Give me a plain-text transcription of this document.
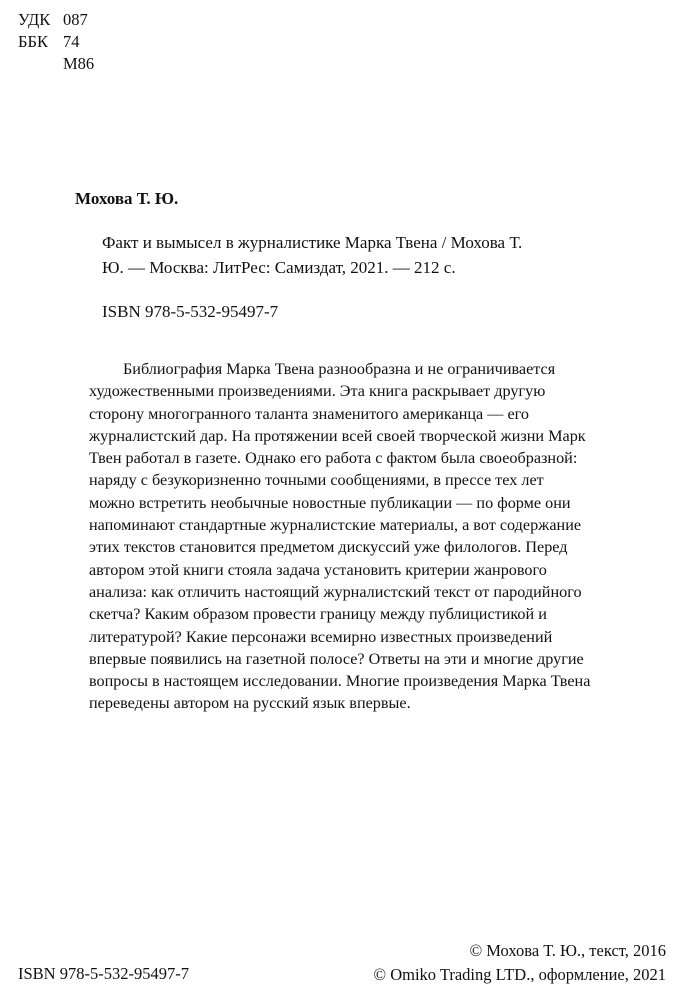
УДК 087
ББК 74
М86
Мохова Т. Ю.
Факт и вымысел в журналистике Марка Твена / Мохова Т.
Ю. — Москва: ЛитРес: Самиздат, 2021. — 212 с.
ISBN 978-5-532-95497-7
Библиография Марка Твена разнообразна и не ограничивается
художественными произведениями. Эта книга раскрывает другую
сторону многогранного таланта знаменитого американца — его
журналистский дар. На протяжении всей своей творческой жизни Марк
Твен работал в газете. Однако его работа с фактом была своеобразной:
наряду с безукоризненно точными сообщениями, в прессе тех лет
можно встретить необычные новостные публикации — по форме они
напоминают стандартные журналистские материалы, а вот содержание
этих текстов становится предметом дискуссий уже филологов. Перед
автором этой книги стояла задача установить критерии жанрового
анализа: как отличить настоящий журналистский текст от пародийного
скетча? Каким образом провести границу между публицистикой и
литературой? Какие персонажи всемирно известных произведений
впервые появились на газетной полосе? Ответы на эти и многие другие
вопросы в настоящем исследовании. Многие произведения Марка Твена
переведены автором на русский язык впервые.
ISBN 978-5-532-95497-7
© Мохова Т. Ю., текст, 2016
© Omiko Trading LTD., оформление, 2021
